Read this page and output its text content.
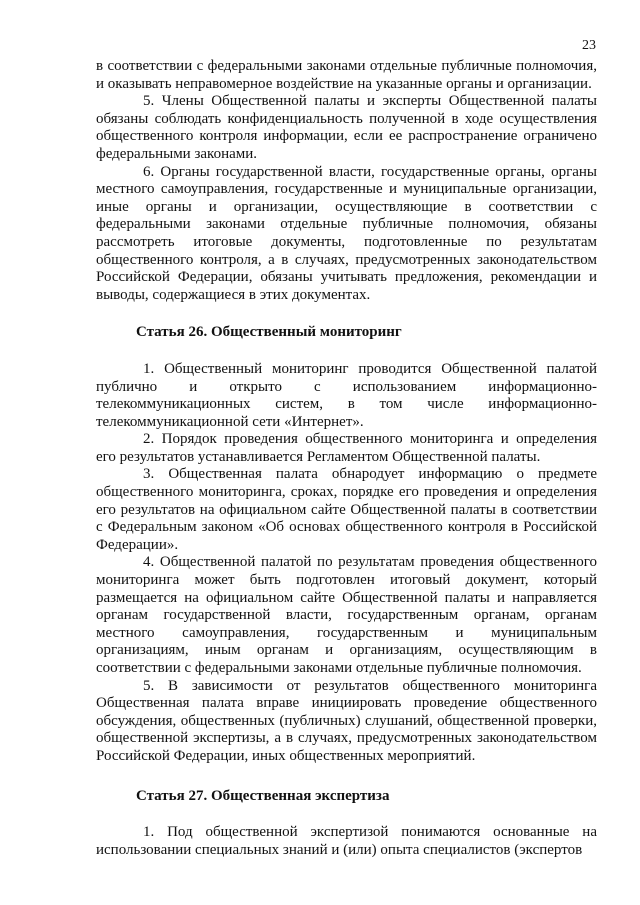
23

в соответствии с федеральными законами отдельные публичные полномочия, и оказывать неправомерное воздействие на указанные органы и организации.

5. Члены Общественной палаты и эксперты Общественной палаты обязаны соблюдать конфиденциальность полученной в ходе осуществления общественного контроля информации, если ее распространение ограничено федеральными законами.

6. Органы государственной власти, государственные органы, органы местного самоуправления, государственные и муниципальные организации, иные органы и организации, осуществляющие в соответствии с федеральными законами отдельные публичные полномочия, обязаны рассмотреть итоговые документы, подготовленные по результатам общественного контроля, а в случаях, предусмотренных законодательством Российской Федерации, обязаны учитывать предложения, рекомендации и выводы, содержащиеся в этих документах.

Статья 26. Общественный мониторинг

1. Общественный мониторинг проводится Общественной палатой публично и открыто с использованием информационно-телекоммуникационных систем, в том числе информационно-телекоммуникационной сети «Интернет».

2. Порядок проведения общественного мониторинга и определения его результатов устанавливается Регламентом Общественной палаты.

3. Общественная палата обнародует информацию о предмете общественного мониторинга, сроках, порядке его проведения и определения его результатов на официальном сайте Общественной палаты в соответствии с Федеральным законом «Об основах общественного контроля в Российской Федерации».

4. Общественной палатой по результатам проведения общественного мониторинга может быть подготовлен итоговый документ, который размещается на официальном сайте Общественной палаты и направляется органам государственной власти, государственным органам, органам местного самоуправления, государственным и муниципальным организациям, иным органам и организациям, осуществляющим в соответствии с федеральными законами отдельные публичные полномочия.

5. В зависимости от результатов общественного мониторинга Общественная палата вправе инициировать проведение общественного обсуждения, общественных (публичных) слушаний, общественной проверки, общественной экспертизы, а в случаях, предусмотренных законодательством Российской Федерации, иных общественных мероприятий.

Статья 27. Общественная экспертиза

1. Под общественной экспертизой понимаются основанные на использовании специальных знаний и (или) опыта специалистов (экспертов
